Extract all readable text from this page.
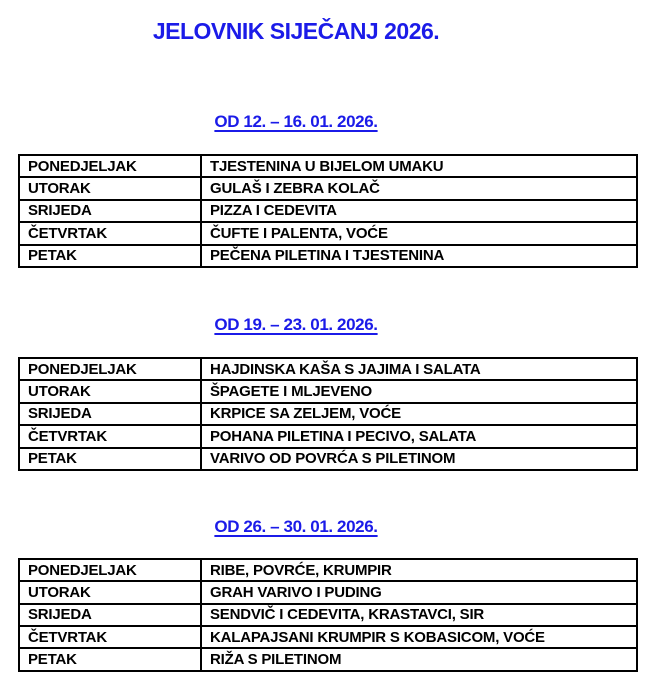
JELOVNIK SIJEČANJ 2026.
OD 12. – 16. 01. 2026.
PONEDJELJAK	TJESTENINA U BIJELOM UMAKU
UTORAK	GULAŠ I ZEBRA KOLAČ
SRIJEDA	PIZZA I CEDEVITA
ČETVRTAK	ČUFTE I PALENTA, VOĆE
PETAK	PEČENA PILETINA I TJESTENINA
OD 19. – 23. 01. 2026.
PONEDJELJAK	HAJDINSKA KAŠA S JAJIMA I SALATA
UTORAK	ŠPAGETE I MLJEVENO
SRIJEDA	KRPICE SA ZELJEM, VOĆE
ČETVRTAK	POHANA PILETINA I PECIVO, SALATA
PETAK	VARIVO OD POVRĆA S PILETINOM
OD 26. – 30. 01. 2026.
PONEDJELJAK	RIBE, POVRĆE, KRUMPIR
UTORAK	GRAH VARIVO I PUDING
SRIJEDA	SENDVIČ I CEDEVITA, KRASTAVCI, SIR
ČETVRTAK	KALAPAJSANI KRUMPIR S KOBASICOM, VOĆE
PETAK	RIŽA S PILETINOM
